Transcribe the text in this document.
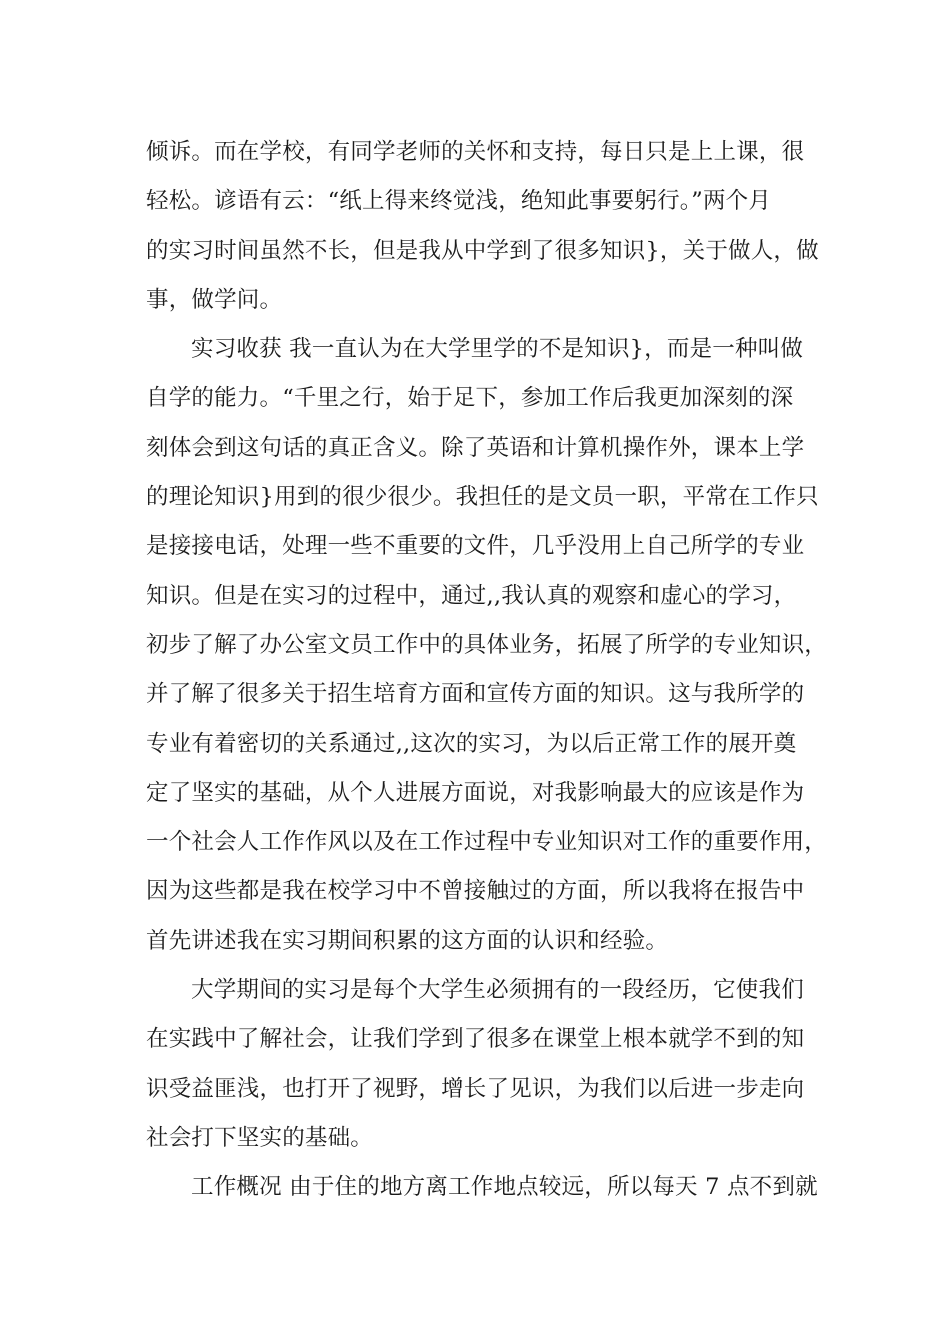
倾诉。而在学校，有同学老师的关怀和支持，每日只是上上课，很
轻松。谚语有云：“纸上得来终觉浅，绝知此事要躬行。”两个月
的实习时间虽然不长，但是我从中学到了很多知识}，关于做人，做
事，做学问。
实习收获 我一直认为在大学里学的不是知识}，而是一种叫做
自学的能力。“千里之行，始于足下，参加工作后我更加深刻的深
刻体会到这句话的真正含义。除了英语和计算机操作外，课本上学
的理论知识}用到的很少很少。我担任的是文员一职，平常在工作只
是接接电话，处理一些不重要的文件，几乎没用上自己所学的专业
知识。但是在实习的过程中，通过,,我认真的观察和虚心的学习，
初步了解了办公室文员工作中的具体业务，拓展了所学的专业知识，
并了解了很多关于招生培育方面和宣传方面的知识。这与我所学的
专业有着密切的关系通过,,这次的实习，为以后正常工作的展开奠
定了坚实的基础，从个人进展方面说，对我影响最大的应该是作为
一个社会人工作作风以及在工作过程中专业知识对工作的重要作用，
因为这些都是我在校学习中不曾接触过的方面，所以我将在报告中
首先讲述我在实习期间积累的这方面的认识和经验。
大学期间的实习是每个大学生必须拥有的一段经历，它使我们
在实践中了解社会，让我们学到了很多在课堂上根本就学不到的知
识受益匪浅，也打开了视野，增长了见识，为我们以后进一步走向
社会打下坚实的基础。
工作概况 由于住的地方离工作地点较远，所以每天 7 点不到就
